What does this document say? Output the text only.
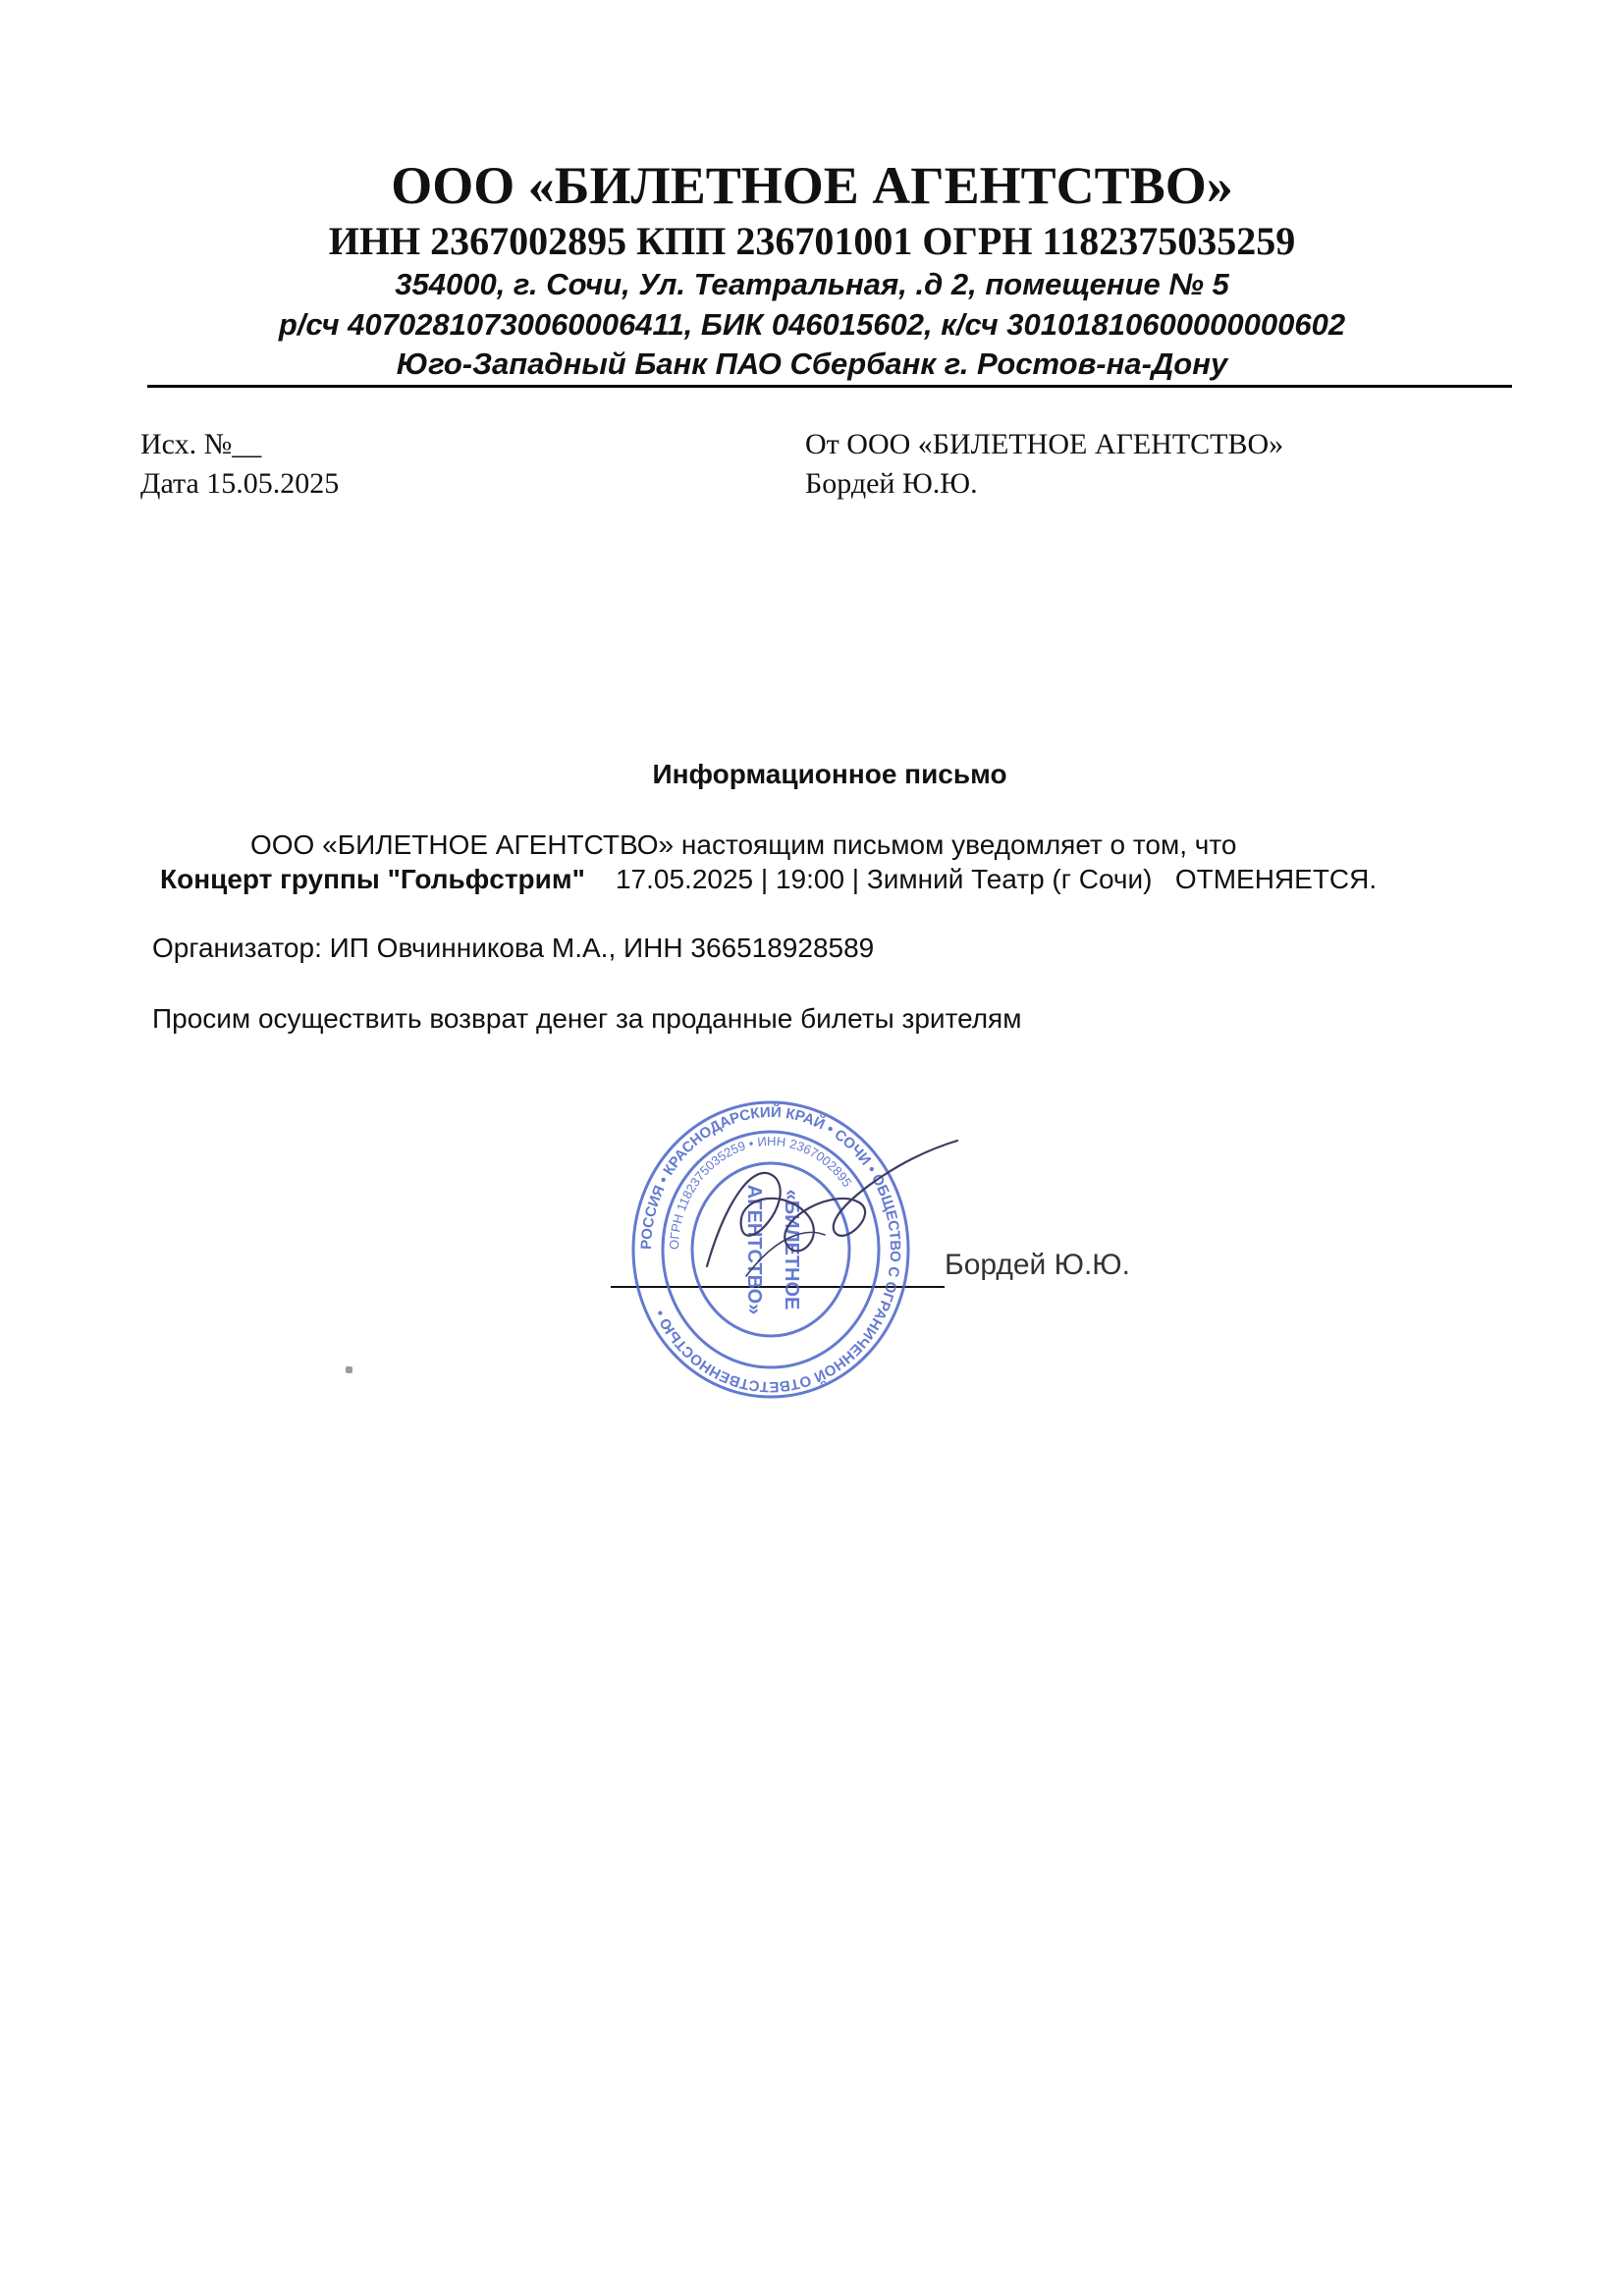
ООО «БИЛЕТНОЕ АГЕНТСТВО»
ИНН 2367002895 КПП 236701001 ОГРН 1182375035259
354000, г. Сочи, Ул. Театральная, .д 2, помещение № 5
р/сч 40702810730060006411, БИК 046015602, к/сч 30101810600000000602
Юго-Западный Банк ПАО Сбербанк г. Ростов-на-Дону
Исх. №__
Дата 15.05.2025
От ООО «БИЛЕТНОЕ АГЕНТСТВО»
Бордей Ю.Ю.
Информационное письмо
ООО «БИЛЕТНОЕ АГЕНТСТВО» настоящим письмом уведомляет о том, что
Концерт группы "Гольфстрим" 17.05.2025 | 19:00 | Зимний Театр (г Сочи) ОТМЕНЯЕТСЯ.
Организатор: ИП Овчинникова М.А., ИНН 366518928589
Просим осуществить возврат денег за проданные билеты зрителям
Бордей Ю.Ю.
РОССИЯ • КРАСНОДАРСКИЙ КРАЙ • СОЧИ • ОБЩЕСТВО С ОГРАНИЧЕННОЙ ОТВЕТСТВЕННОСТЬЮ •
ОГРН 1182375035259 • ИНН 2367002895
«БИЛЕТНОЕ
АГЕНТСТВО»
